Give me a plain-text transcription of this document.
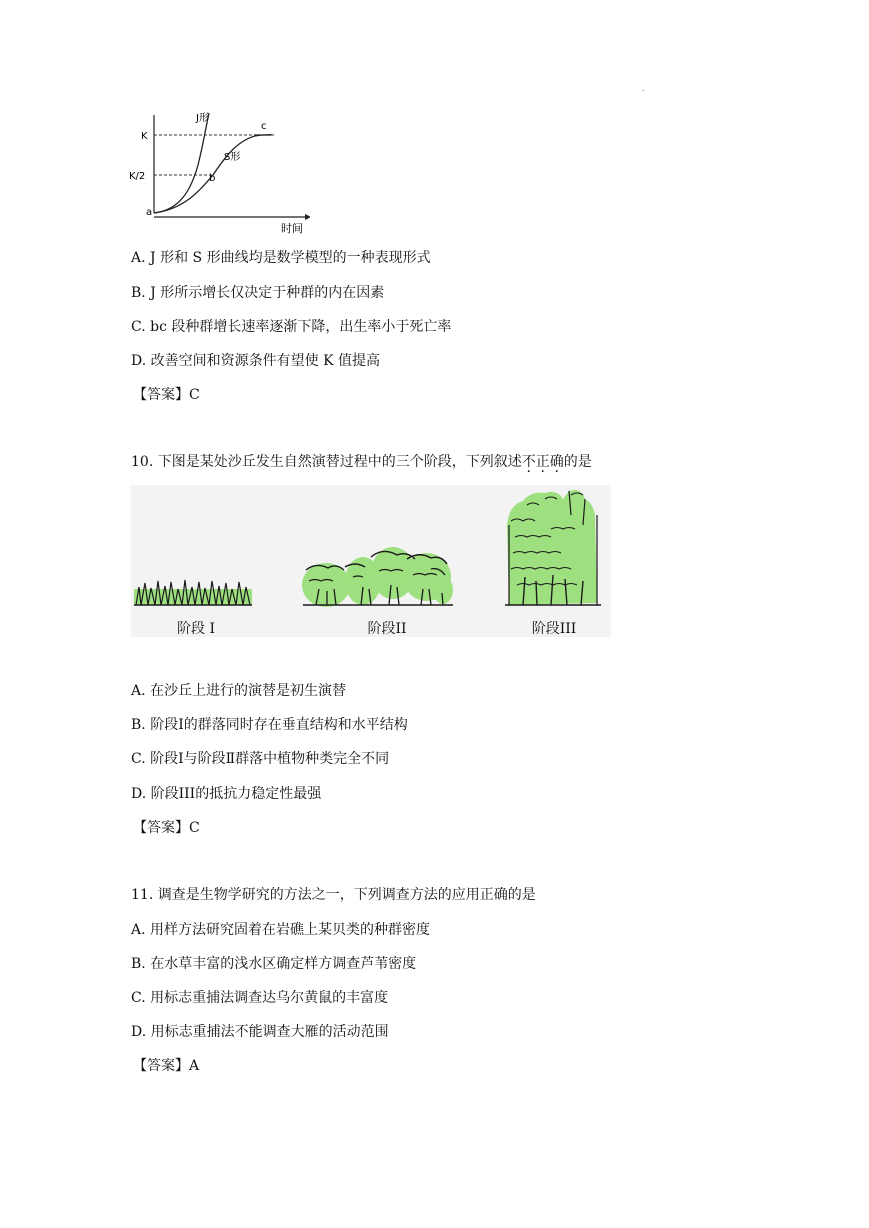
.
K
K/2
a
J形
S形
b
c
时间
A. J 形和 S 形曲线均是数学模型的一种表现形式
B. J 形所示增长仅决定于种群的内在因素
C. bc 段种群增长速率逐渐下降，出生率小于死亡率
D. 改善空间和资源条件有望使 K 值提高
【答案】C
10. 下图是某处沙丘发生自然演替过程中的三个阶段，下列叙述不正确的是
阶段 I	阶段II	阶段III
A. 在沙丘上进行的演替是初生演替
B. 阶段Ⅰ的群落同时存在垂直结构和水平结构
C. 阶段Ⅰ与阶段Ⅱ群落中植物种类完全不同
D. 阶段III的抵抗力稳定性最强
【答案】C
11. 调查是生物学研究的方法之一，下列调查方法的应用正确的是
A. 用样方法研究固着在岩礁上某贝类的种群密度
B. 在水草丰富的浅水区确定样方调查芦苇密度
C. 用标志重捕法调查达乌尔黄鼠的丰富度
D. 用标志重捕法不能调查大雁的活动范围
【答案】A
